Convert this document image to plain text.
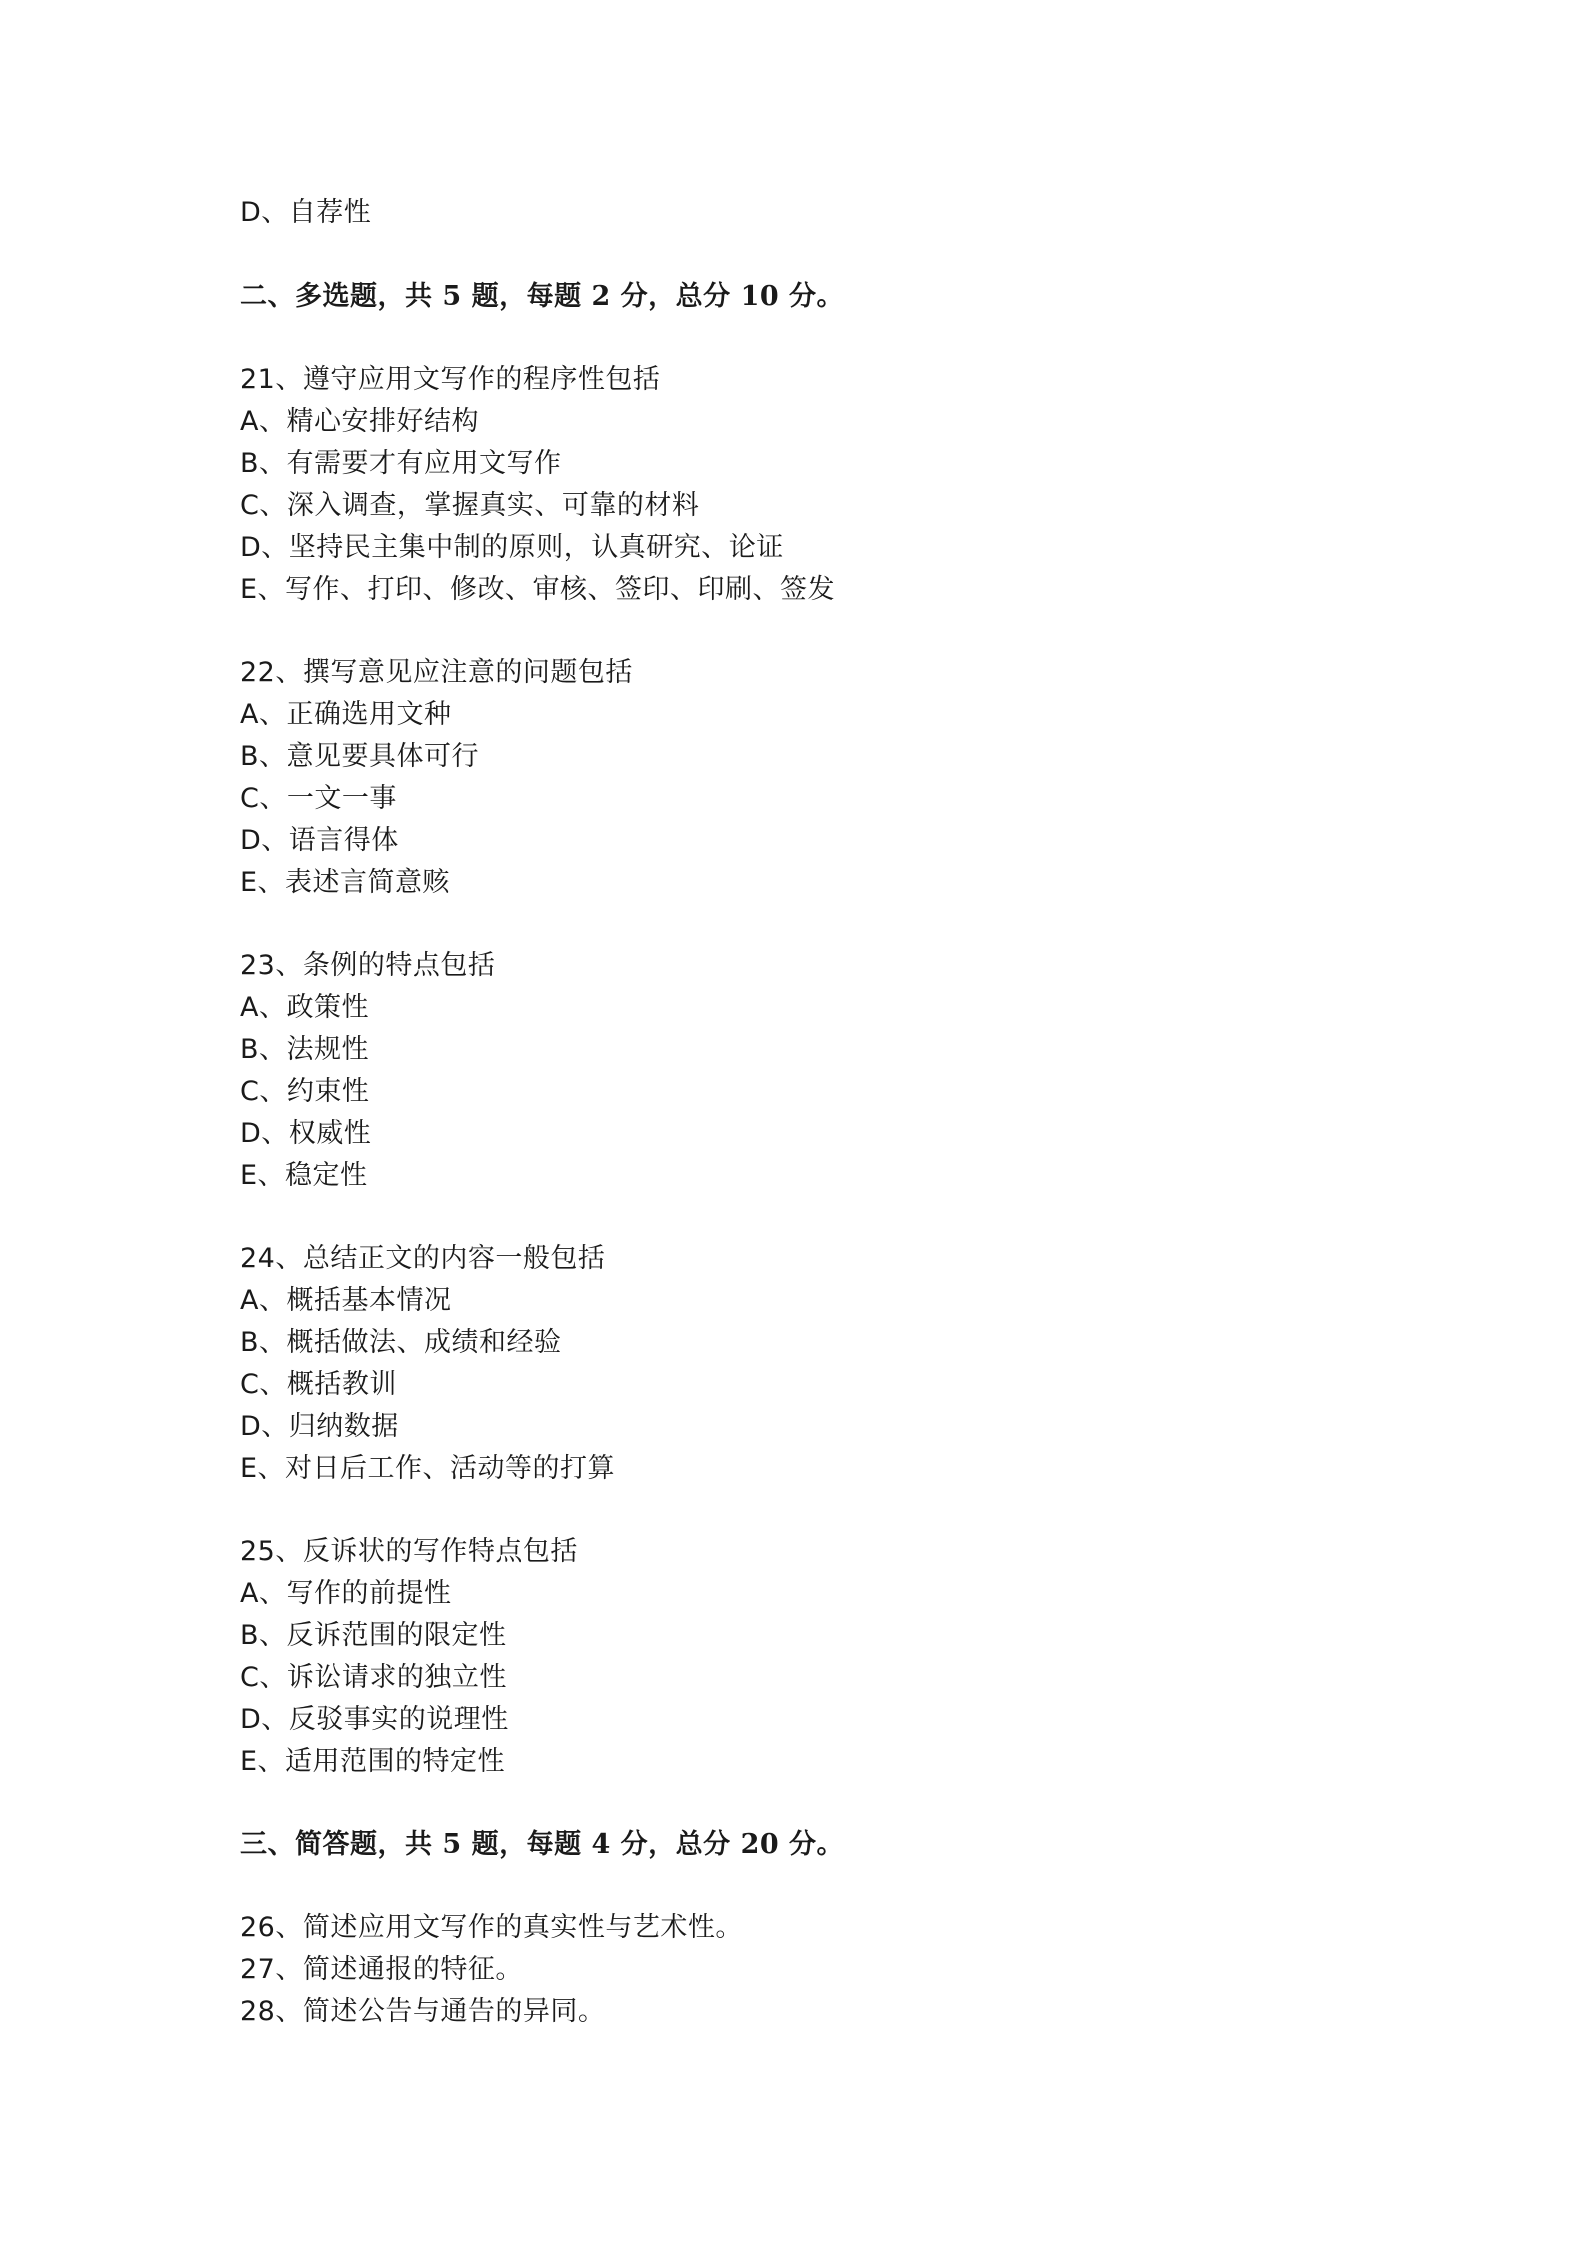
D、自荐性
二、多选题，共 5 题，每题 2 分，总分 10 分。
21、遵守应用文写作的程序性包括
A、精心安排好结构
B、有需要才有应用文写作
C、深入调查，掌握真实、可靠的材料
D、坚持民主集中制的原则，认真研究、论证
E、写作、打印、修改、审核、签印、印刷、签发
22、撰写意见应注意的问题包括
A、正确选用文种
B、意见要具体可行
C、一文一事
D、语言得体
E、表述言简意赅
23、条例的特点包括
A、政策性
B、法规性
C、约束性
D、权威性
E、稳定性
24、总结正文的内容一般包括
A、概括基本情况
B、概括做法、成绩和经验
C、概括教训
D、归纳数据
E、对日后工作、活动等的打算
25、反诉状的写作特点包括
A、写作的前提性
B、反诉范围的限定性
C、诉讼请求的独立性
D、反驳事实的说理性
E、适用范围的特定性
三、简答题，共 5 题，每题 4 分，总分 20 分。
26、简述应用文写作的真实性与艺术性。
27、简述通报的特征。
28、简述公告与通告的异同。
